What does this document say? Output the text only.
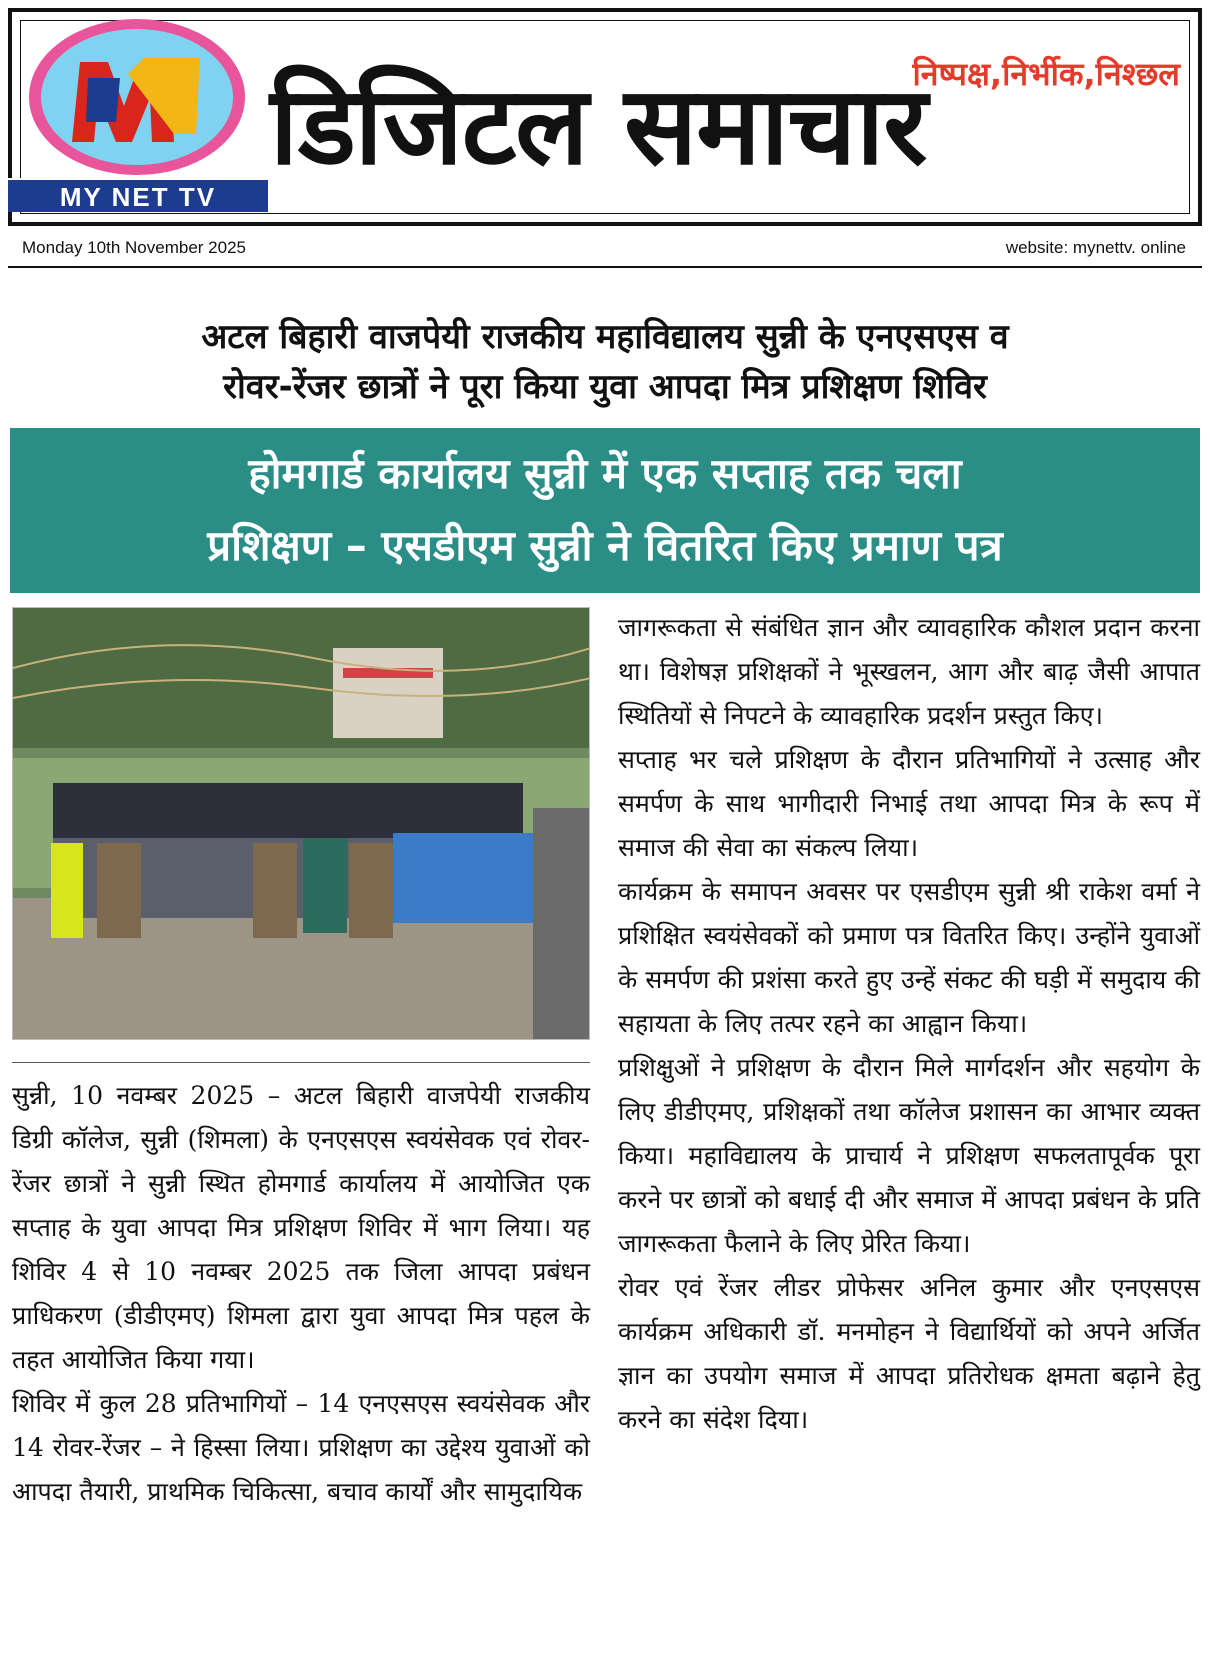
MY NET TV
निष्पक्ष,निर्भीक,निश्छल
डिजिटल समाचार
Monday 10th November 2025	website: mynettv. online
अटल बिहारी वाजपेयी राजकीय महाविद्यालय सुन्नी के एनएसएस व
रोवर-रेंजर छात्रों ने पूरा किया युवा आपदा मित्र प्रशिक्षण शिविर
होमगार्ड कार्यालय सुन्नी में एक सप्ताह तक चला
प्रशिक्षण – एसडीएम सुन्नी ने वितरित किए प्रमाण पत्र

सुन्नी, 10 नवम्बर 2025 – अटल बिहारी वाजपेयी राजकीय डिग्री कॉलेज, सुन्नी (शिमला) के एनएसएस स्वयंसेवक एवं रोवर-रेंजर छात्रों ने सुन्नी स्थित होमगार्ड कार्यालय में आयोजित एक सप्ताह के युवा आपदा मित्र प्रशिक्षण शिविर में भाग लिया। यह शिविर 4 से 10 नवम्बर 2025 तक जिला आपदा प्रबंधन प्राधिकरण (डीडीएमए) शिमला द्वारा युवा आपदा मित्र पहल के तहत आयोजित किया गया।

शिविर में कुल 28 प्रतिभागियों – 14 एनएसएस स्वयंसेवक और 14 रोवर-रेंजर – ने हिस्सा लिया। प्रशिक्षण का उद्देश्य युवाओं को आपदा तैयारी, प्राथमिक चिकित्सा, बचाव कार्यों और सामुदायिक

जागरूकता से संबंधित ज्ञान और व्यावहारिक कौशल प्रदान करना था। विशेषज्ञ प्रशिक्षकों ने भूस्खलन, आग और बाढ़ जैसी आपात स्थितियों से निपटने के व्यावहारिक प्रदर्शन प्रस्तुत किए।

सप्ताह भर चले प्रशिक्षण के दौरान प्रतिभागियों ने उत्साह और समर्पण के साथ भागीदारी निभाई तथा आपदा मित्र के रूप में समाज की सेवा का संकल्प लिया।

कार्यक्रम के समापन अवसर पर एसडीएम सुन्नी श्री राकेश वर्मा ने प्रशिक्षित स्वयंसेवकों को प्रमाण पत्र वितरित किए। उन्होंने युवाओं के समर्पण की प्रशंसा करते हुए उन्हें संकट की घड़ी में समुदाय की सहायता के लिए तत्पर रहने का आह्वान किया।

प्रशिक्षुओं ने प्रशिक्षण के दौरान मिले मार्गदर्शन और सहयोग के लिए डीडीएमए, प्रशिक्षकों तथा कॉलेज प्रशासन का आभार व्यक्त किया। महाविद्यालय के प्राचार्य ने प्रशिक्षण सफलतापूर्वक पूरा करने पर छात्रों को बधाई दी और समाज में आपदा प्रबंधन के प्रति जागरूकता फैलाने के लिए प्रेरित किया।

रोवर एवं रेंजर लीडर प्रोफेसर अनिल कुमार और एनएसएस कार्यक्रम अधिकारी डॉ. मनमोहन ने विद्यार्थियों को अपने अर्जित ज्ञान का उपयोग समाज में आपदा प्रतिरोधक क्षमता बढ़ाने हेतु करने का संदेश दिया।
